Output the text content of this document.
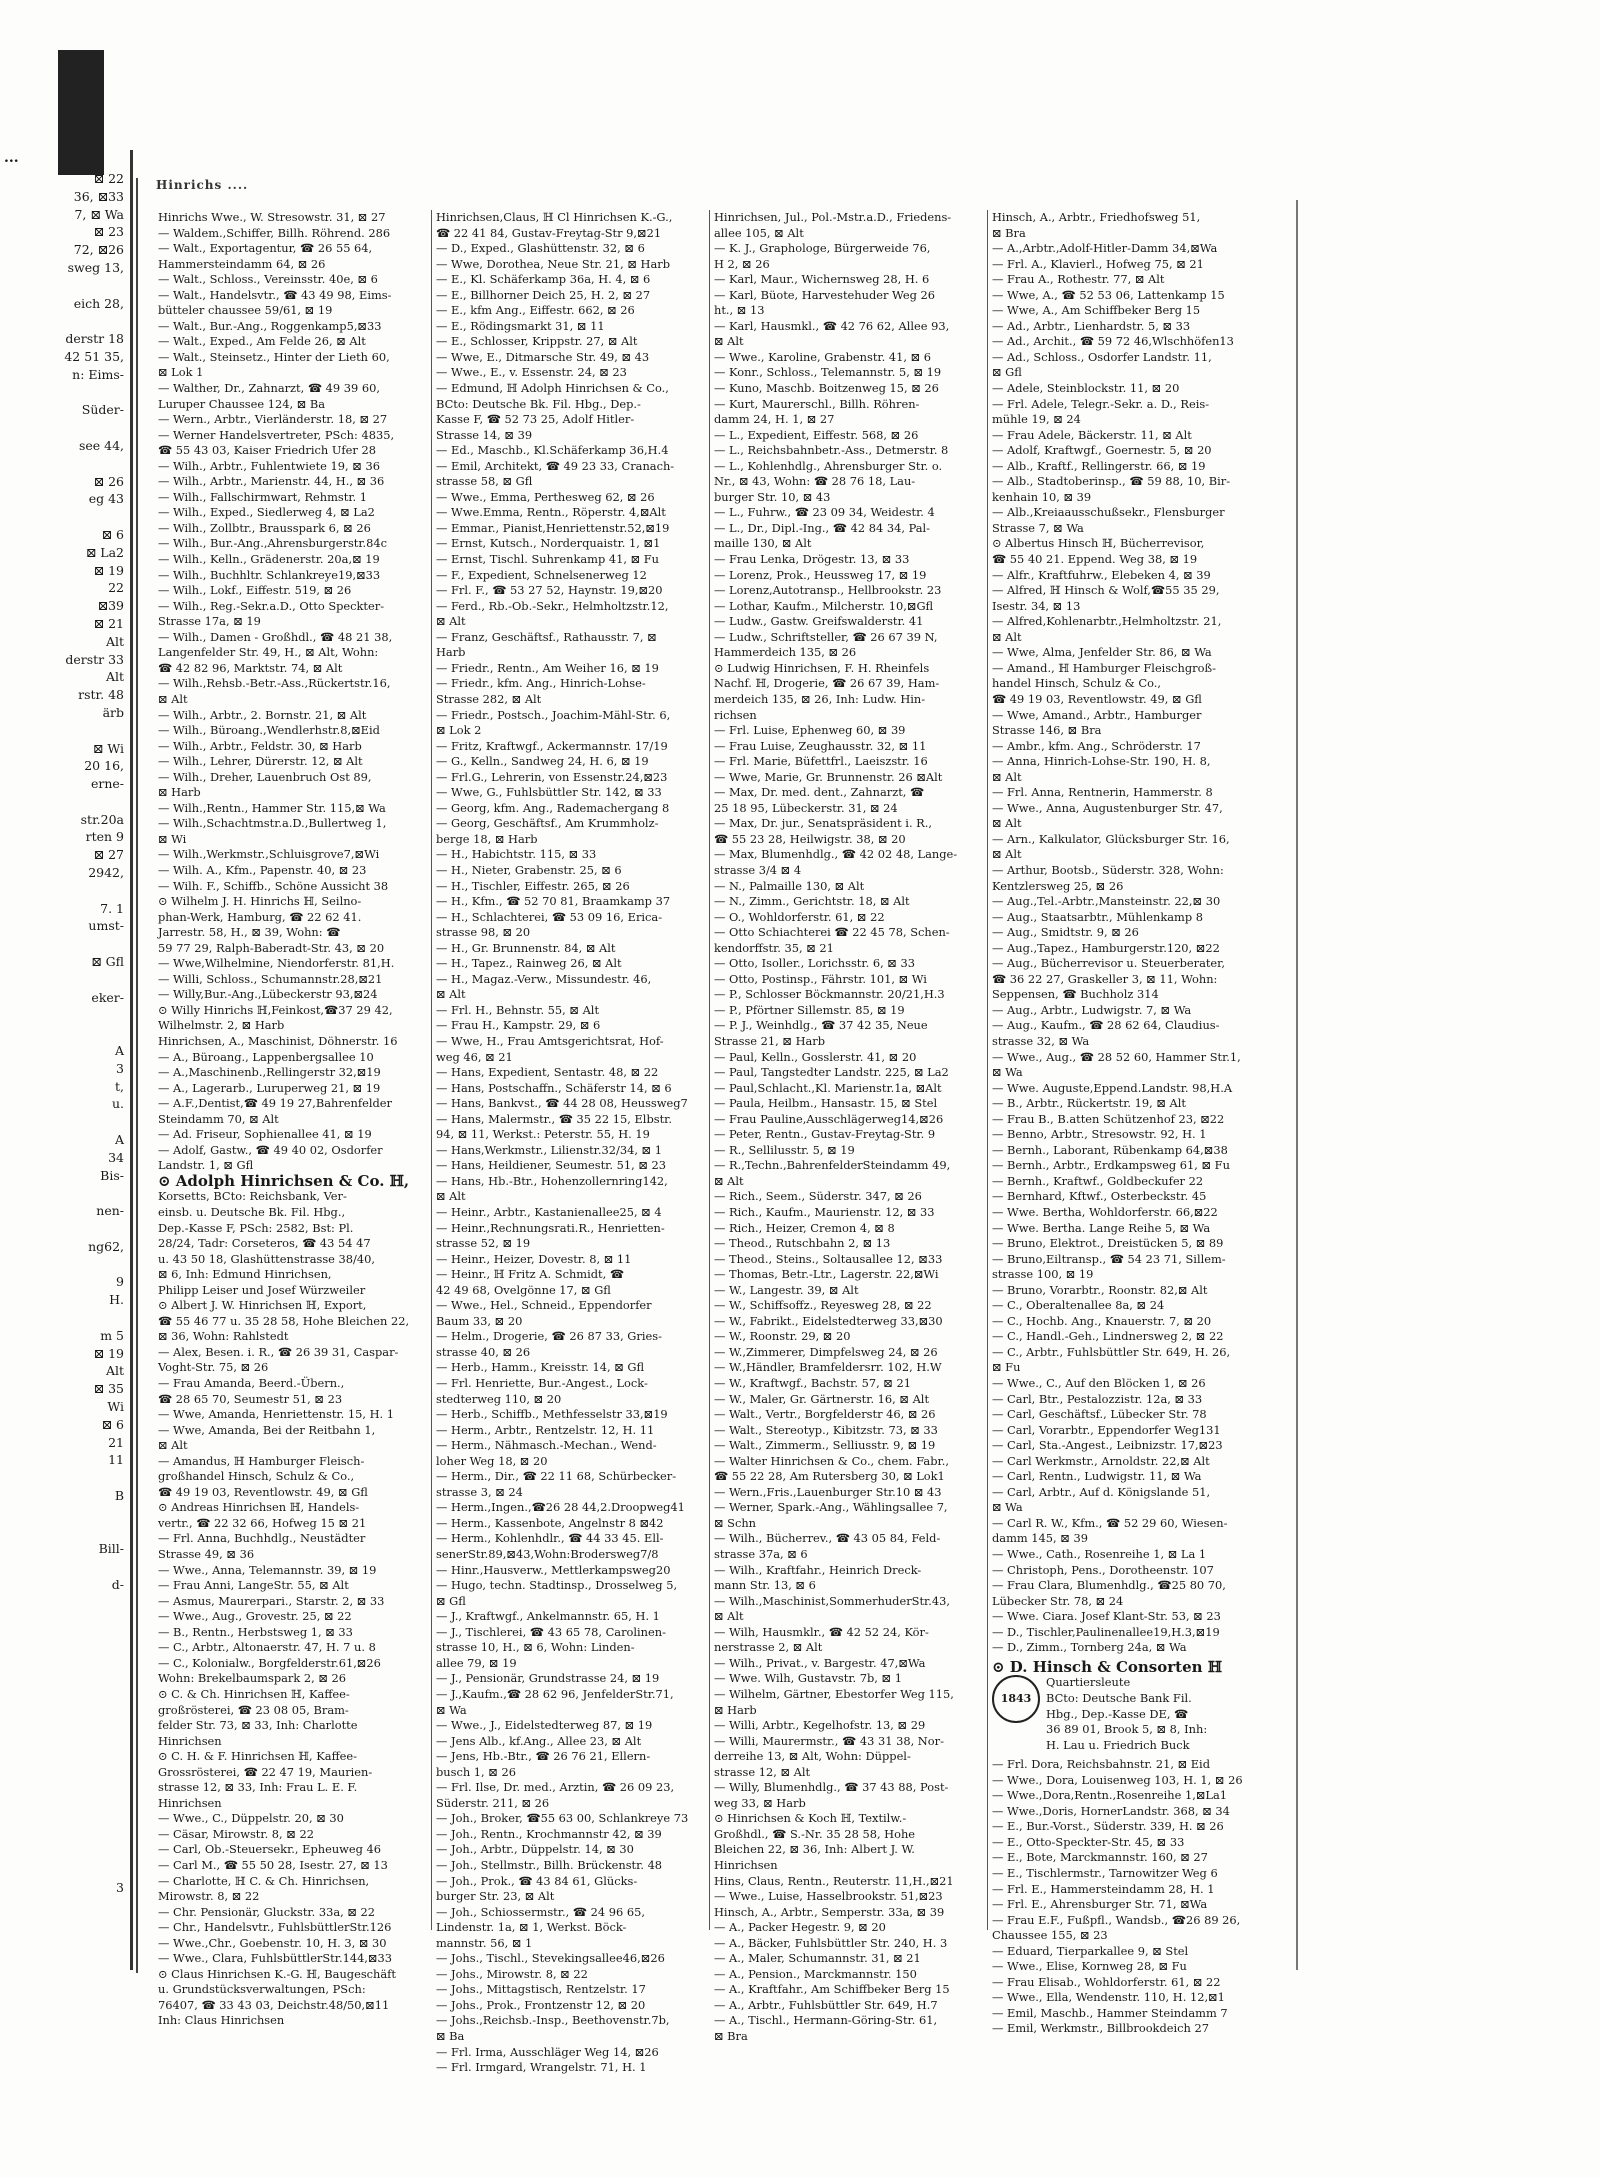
...
⊠ 22
36, ⊠33
7, ⊠ Wa
⊠ 23
72, ⊠26
sweg 13,

eich 28,

derstr 18
42 51 35,
n: Eims-

Süder-

see 44,

⊠ 26
eg 43

⊠ 6
⊠ La2
⊠ 19
22
⊠39
⊠ 21
Alt
derstr 33
Alt
rstr. 48
ärb

⊠ Wi
20 16,
erne-

str.20a
rten 9
⊠ 27
2942,

7. 1
umst-

⊠ Gfl

eker-

A
3
t,
u.

A
34
Bis-

nen-

ng62,

9
H.

m 5
⊠ 19
Alt
⊠ 35
Wi
⊠ 6
21
11

B

Bill-

d-

3
Hinrichs ....
Hinrichs Wwe., W. Stresowstr. 31, ⊠ 27
— Waldem.,Schiffer, Billh. Röhrend. 286
— Walt., Exportagentur, ☎ 26 55 64,
Hammersteindamm 64, ⊠ 26
— Walt., Schloss., Vereinsstr. 40e, ⊠ 6
— Walt., Handelsvtr., ☎ 43 49 98, Eims-
bütteler chaussee 59/61, ⊠ 19
— Walt., Bur.-Ang., Roggenkamp5,⊠33
— Walt., Exped., Am Felde 26, ⊠ Alt
— Walt., Steinsetz., Hinter der Lieth 60,
⊠ Lok 1
— Walther, Dr., Zahnarzt, ☎ 49 39 60,
Luruper Chaussee 124, ⊠ Ba
— Wern., Arbtr., Vierländerstr. 18, ⊠ 27
— Werner Handelsvertreter, PSch: 4835,
☎ 55 43 03, Kaiser Friedrich Ufer 28
— Wilh., Arbtr., Fuhlentwiete 19, ⊠ 36
— Wilh., Arbtr., Marienstr. 44, H., ⊠ 36
— Wilh., Fallschirmwart, Rehmstr. 1
— Wilh., Exped., Siedlerweg 4, ⊠ La2
— Wilh., Zollbtr., Brausspark 6, ⊠ 26
— Wilh., Bur.-Ang.,Ahrensburgerstr.84c
— Wilh., Kelln., Grädenerstr. 20a,⊠ 19
— Wilh., Buchhltr. Schlankreye19,⊠33
— Wilh., Lokf., Eiffestr. 519, ⊠ 26
— Wilh., Reg.-Sekr.a.D., Otto Speckter-
Strasse 17a, ⊠ 19
— Wilh., Damen - Großhdl., ☎ 48 21 38,
Langenfelder Str. 49, H., ⊠ Alt, Wohn:
☎ 42 82 96, Marktstr. 74, ⊠ Alt
— Wilh.,Rehsb.-Betr.-Ass.,Rückertstr.16,
⊠ Alt
— Wilh., Arbtr., 2. Bornstr. 21, ⊠ Alt
— Wilh., Büroang.,Wendlerhstr.8,⊠Eid
— Wilh., Arbtr., Feldstr. 30, ⊠ Harb
— Wilh., Lehrer, Dürerstr. 12, ⊠ Alt
— Wilh., Dreher, Lauenbruch Ost 89,
⊠ Harb
— Wilh.,Rentn., Hammer Str. 115,⊠ Wa
— Wilh.,Schachtmstr.a.D.,Bullertweg 1,
⊠ Wi
— Wilh.,Werkmstr.,Schluisgrove7,⊠Wi
— Wilh. A., Kfm., Papenstr. 40, ⊠ 23
— Wilh. F., Schiffb., Schöne Aussicht 38
⊙ Wilhelm J. H. Hinrichs ℍ, Seilno-
phan-Werk, Hamburg, ☎ 22 62 41.
Jarrestr. 58, H., ⊠ 39, Wohn: ☎
59 77 29, Ralph-Baberadt-Str. 43, ⊠ 20
— Wwe,Wilhelmine, Niendorferstr. 81,H.
— Willi, Schloss., Schumannstr.28,⊠21
— Willy,Bur.-Ang.,Lübeckerstr 93,⊠24
⊙ Willy Hinrichs ℍ,Feinkost,☎37 29 42,
Wilhelmstr. 2, ⊠ Harb
Hinrichsen, A., Maschinist, Döhnerstr. 16
— A., Büroang., Lappenbergsallee 10
— A.,Maschinenb.,Rellingerstr 32,⊠19
— A., Lagerarb., Luruperweg 21, ⊠ 19
— A.F.,Dentist,☎ 49 19 27,Bahrenfelder
Steindamm 70, ⊠ Alt
— Ad. Friseur, Sophienallee 41, ⊠ 19
— Adolf, Gastw., ☎ 49 40 02, Osdorfer
Landstr. 1, ⊠ Gfl
⊙ Adolph Hinrichsen & Co. ℍ,
Korsetts, BCto: Reichsbank, Ver-
einsb. u. Deutsche Bk. Fil. Hbg.,
Dep.-Kasse F, PSch: 2582, Bst: Pl.
28/24, Tadr: Corseteros, ☎ 43 54 47
u. 43 50 18, Glashüttenstrasse 38/40,
⊠ 6, Inh: Edmund Hinrichsen,
Philipp Leiser und Josef Würzweiler
⊙ Albert J. W. Hinrichsen ℍ, Export,
☎ 55 46 77 u. 35 28 58, Hohe Bleichen 22,
⊠ 36, Wohn: Rahlstedt
— Alex, Besen. i. R., ☎ 26 39 31, Caspar-
Voght-Str. 75, ⊠ 26
— Frau Amanda, Beerd.-Übern.,
☎ 28 65 70, Seumestr 51, ⊠ 23
— Wwe, Amanda, Henriettenstr. 15, H. 1
— Wwe, Amanda, Bei der Reitbahn 1,
⊠ Alt
— Amandus, ℍ Hamburger Fleisch-
großhandel Hinsch, Schulz & Co.,
☎ 49 19 03, Reventlowstr. 49, ⊠ Gfl
⊙ Andreas Hinrichsen ℍ, Handels-
vertr., ☎ 22 32 66, Hofweg 15 ⊠ 21
— Frl. Anna, Buchhdlg., Neustädter
Strasse 49, ⊠ 36
— Wwe., Anna, Telemannstr. 39, ⊠ 19
— Frau Anni, LangeStr. 55, ⊠ Alt
— Asmus, Maurerpari., Starstr. 2, ⊠ 33
— Wwe., Aug., Grovestr. 25, ⊠ 22
— B., Rentn., Herbstsweg 1, ⊠ 33
— C., Arbtr., Altonaerstr. 47, H. 7 u. 8
— C., Kolonialw., Borgfelderstr.61,⊠26
Wohn: Brekelbaumspark 2, ⊠ 26
⊙ C. & Ch. Hinrichsen ℍ, Kaffee-
großrösterei, ☎ 23 08 05, Bram-
felder Str. 73, ⊠ 33, Inh: Charlotte
Hinrichsen
⊙ C. H. & F. Hinrichsen ℍ, Kaffee-
Grossrösterei, ☎ 22 47 19, Maurien-
strasse 12, ⊠ 33, Inh: Frau L. E. F.
Hinrichsen
— Wwe., C., Düppelstr. 20, ⊠ 30
— Cäsar, Mirowstr. 8, ⊠ 22
— Carl, Ob.-Steuersekr., Epheuweg 46
— Carl M., ☎ 55 50 28, Isestr. 27, ⊠ 13
— Charlotte, ℍ C. & Ch. Hinrichsen,
Mirowstr. 8, ⊠ 22
— Chr. Pensionär, Gluckstr. 33a, ⊠ 22
— Chr., Handelsvtr., FuhlsbüttlerStr.126
— Wwe.,Chr., Goebenstr. 10, H. 3, ⊠ 30
— Wwe., Clara, FuhlsbüttlerStr.144,⊠33
⊙ Claus Hinrichsen K.-G. ℍ, Baugeschäft
u. Grundstücksverwaltungen, PSch:
76407, ☎ 33 43 03, Deichstr.48/50,⊠11
Inh: Claus Hinrichsen
Hinrichsen,Claus, ℍ Cl Hinrichsen K.-G.,
☎ 22 41 84, Gustav-Freytag-Str 9,⊠21
— D., Exped., Glashüttenstr. 32, ⊠ 6
— Wwe, Dorothea, Neue Str. 21, ⊠ Harb
— E., Kl. Schäferkamp 36a, H. 4, ⊠ 6
— E., Billhorner Deich 25, H. 2, ⊠ 27
— E., kfm Ang., Eiffestr. 662, ⊠ 26
— E., Rödingsmarkt 31, ⊠ 11
— E., Schlosser, Krippstr. 27, ⊠ Alt
— Wwe, E., Ditmarsche Str. 49, ⊠ 43
— Wwe., E., v. Essenstr. 24, ⊠ 23
— Edmund, ℍ Adolph Hinrichsen & Co.,
BCto: Deutsche Bk. Fil. Hbg., Dep.-
Kasse F, ☎ 52 73 25, Adolf Hitler-
Strasse 14, ⊠ 39
— Ed., Maschb., Kl.Schäferkamp 36,H.4
— Emil, Architekt, ☎ 49 23 33, Cranach-
strasse 58, ⊠ Gfl
— Wwe., Emma, Perthesweg 62, ⊠ 26
— Wwe.Emma, Rentn., Röperstr. 4,⊠Alt
— Emmar., Pianist,Henriettenstr.52,⊠19
— Ernst, Kutsch., Norderquaistr. 1, ⊠1
— Ernst, Tischl. Suhrenkamp 41, ⊠ Fu
— F., Expedient, Schnelsenerweg 12
— Frl. F., ☎ 53 27 52, Haynstr. 19,⊠20
— Ferd., Rb.-Ob.-Sekr., Helmholtzstr.12,
⊠ Alt
— Franz, Geschäftsf., Rathausstr. 7, ⊠
Harb
— Friedr., Rentn., Am Weiher 16, ⊠ 19
— Friedr., kfm. Ang., Hinrich-Lohse-
Strasse 282, ⊠ Alt
— Friedr., Postsch., Joachim-Mähl-Str. 6,
⊠ Lok 2
— Fritz, Kraftwgf., Ackermannstr. 17/19
— G., Kelln., Sandweg 24, H. 6, ⊠ 19
— Frl.G., Lehrerin, von Essenstr.24,⊠23
— Wwe, G., Fuhlsbüttler Str. 142, ⊠ 33
— Georg, kfm. Ang., Rademachergang 8
— Georg, Geschäftsf., Am Krummholz-
berge 18, ⊠ Harb
— H., Habichtstr. 115, ⊠ 33
— H., Nieter, Grabenstr. 25, ⊠ 6
— H., Tischler, Eiffestr. 265, ⊠ 26
— H., Kfm., ☎ 52 70 81, Braamkamp 37
— H., Schlachterei, ☎ 53 09 16, Erica-
strasse 98, ⊠ 20
— H., Gr. Brunnenstr. 84, ⊠ Alt
— H., Tapez., Rainweg 26, ⊠ Alt
— H., Magaz.-Verw., Missundestr. 46,
⊠ Alt
— Frl. H., Behnstr. 55, ⊠ Alt
— Frau H., Kampstr. 29, ⊠ 6
— Wwe, H., Frau Amtsgerichtsrat, Hof-
weg 46, ⊠ 21
— Hans, Expedient, Sentastr. 48, ⊠ 22
— Hans, Postschaffn., Schäferstr 14, ⊠ 6
— Hans, Bankvst., ☎ 44 28 08, Heussweg7
— Hans, Malermstr., ☎ 35 22 15, Elbstr.
94, ⊠ 11, Werkst.: Peterstr. 55, H. 19
— Hans,Werkmstr., Lilienstr.32/34, ⊠ 1
— Hans, Heildiener, Seumestr. 51, ⊠ 23
— Hans, Hb.-Btr., Hohenzollernring142,
⊠ Alt
— Heinr., Arbtr., Kastanienallee25, ⊠ 4
— Heinr.,Rechnungsrati.R., Henrietten-
strasse 52, ⊠ 19
— Heinr., Heizer, Dovestr. 8, ⊠ 11
— Heinr., ℍ Fritz A. Schmidt, ☎
42 49 68, Ovelgönne 17, ⊠ Gfl
— Wwe., Hel., Schneid., Eppendorfer
Baum 33, ⊠ 20
— Helm., Drogerie, ☎ 26 87 33, Gries-
strasse 40, ⊠ 26
— Herb., Hamm., Kreisstr. 14, ⊠ Gfl
— Frl. Henriette, Bur.-Angest., Lock-
stedterweg 110, ⊠ 20
— Herb., Schiffb., Methfesselstr 33,⊠19
— Herm., Arbtr., Rentzelstr. 12, H. 11
— Herm., Nähmasch.-Mechan., Wend-
loher Weg 18, ⊠ 20
— Herm., Dir., ☎ 22 11 68, Schürbecker-
strasse 3, ⊠ 24
— Herm.,Ingen.,☎26 28 44,2.Droopweg41
— Herm., Kassenbote, Angelnstr 8 ⊠42
— Herm., Kohlenhdlr., ☎ 44 33 45. Ell-
senerStr.89,⊠43,Wohn:Brodersweg7/8
— Hinr.,Hausverw., Mettlerkampsweg20
— Hugo, techn. Stadtinsp., Drosselweg 5,
⊠ Gfl
— J., Kraftwgf., Ankelmannstr. 65, H. 1
— J., Tischlerei, ☎ 43 65 78, Carolinen-
strasse 10, H., ⊠ 6, Wohn: Linden-
allee 79, ⊠ 19
— J., Pensionär, Grundstrasse 24, ⊠ 19
— J.,Kaufm.,☎ 28 62 96, JenfelderStr.71,
⊠ Wa
— Wwe., J., Eidelstedterweg 87, ⊠ 19
— Jens Alb., kf.Ang., Allee 23, ⊠ Alt
— Jens, Hb.-Btr., ☎ 26 76 21, Ellern-
busch 1, ⊠ 26
— Frl. Ilse, Dr. med., Arztin, ☎ 26 09 23,
Süderstr. 211, ⊠ 26
— Joh., Broker, ☎55 63 00, Schlankreye 73
— Joh., Rentn., Krochmannstr 42, ⊠ 39
— Joh., Arbtr., Düppelstr. 14, ⊠ 30
— Joh., Stellmstr., Billh. Brückenstr. 48
— Joh., Prok., ☎ 43 84 61, Glücks-
burger Str. 23, ⊠ Alt
— Joh., Schiossermstr., ☎ 24 96 65,
Lindenstr. 1a, ⊠ 1, Werkst. Böck-
mannstr. 56, ⊠ 1
— Johs., Tischl., Stevekingsallee46,⊠26
— Johs., Mirowstr. 8, ⊠ 22
— Johs., Mittagstisch, Rentzelstr. 17
— Johs., Prok., Frontzenstr 12, ⊠ 20
— Johs.,Reichsb.-Insp., Beethovenstr.7b,
⊠ Ba
— Frl. Irma, Ausschläger Weg 14, ⊠26
— Frl. Irmgard, Wrangelstr. 71, H. 1
Hinrichsen, Jul., Pol.-Mstr.a.D., Friedens-
allee 105, ⊠ Alt
— K. J., Graphologe, Bürgerweide 76,
H 2, ⊠ 26
— Karl, Maur., Wichernsweg 28, H. 6
— Karl, Büote, Harvestehuder Weg 26
ht., ⊠ 13
— Karl, Hausmkl., ☎ 42 76 62, Allee 93,
⊠ Alt
— Wwe., Karoline, Grabenstr. 41, ⊠ 6
— Konr., Schloss., Telemannstr. 5, ⊠ 19
— Kuno, Maschb. Boitzenweg 15, ⊠ 26
— Kurt, Maurerschl., Billh. Röhren-
damm 24, H. 1, ⊠ 27
— L., Expedient, Eiffestr. 568, ⊠ 26
— L., Reichsbahnbetr.-Ass., Detmerstr. 8
— L., Kohlenhdlg., Ahrensburger Str. o.
Nr., ⊠ 43, Wohn: ☎ 28 76 18, Lau-
burger Str. 10, ⊠ 43
— L., Fuhrw., ☎ 23 09 34, Weidestr. 4
— L., Dr., Dipl.-Ing., ☎ 42 84 34, Pal-
maille 130, ⊠ Alt
— Frau Lenka, Drögestr. 13, ⊠ 33
— Lorenz, Prok., Heussweg 17, ⊠ 19
— Lorenz,Autotransp., Hellbrookstr. 23
— Lothar, Kaufm., Milcherstr. 10,⊠Gfl
— Ludw., Gastw. Greifswalderstr. 41
— Ludw., Schriftsteller, ☎ 26 67 39 N,
Hammerdeich 135, ⊠ 26
⊙ Ludwig Hinrichsen, F. H. Rheinfels
Nachf. ℍ, Drogerie, ☎ 26 67 39, Ham-
merdeich 135, ⊠ 26, Inh: Ludw. Hin-
richsen
— Frl. Luise, Ephenweg 60, ⊠ 39
— Frau Luise, Zeughausstr. 32, ⊠ 11
— Frl. Marie, Büfettfrl., Laeiszstr. 16
— Wwe, Marie, Gr. Brunnenstr. 26 ⊠Alt
— Max, Dr. med. dent., Zahnarzt, ☎
25 18 95, Lübeckerstr. 31, ⊠ 24
— Max, Dr. jur., Senatspräsident i. R.,
☎ 55 23 28, Heilwigstr. 38, ⊠ 20
— Max, Blumenhdlg., ☎ 42 02 48, Lange-
strasse 3/4 ⊠ 4
— N., Palmaille 130, ⊠ Alt
— N., Zimm., Gerichtstr. 18, ⊠ Alt
— O., Wohldorferstr. 61, ⊠ 22
— Otto Schiachterei ☎ 22 45 78, Schen-
kendorffstr. 35, ⊠ 21
— Otto, Isoller., Lorichsstr. 6, ⊠ 33
— Otto, Postinsp., Fährstr. 101, ⊠ Wi
— P., Schlosser Böckmannstr. 20/21,H.3
— P., Pförtner Sillemstr. 85, ⊠ 19
— P. J., Weinhdlg., ☎ 37 42 35, Neue
Strasse 21, ⊠ Harb
— Paul, Kelln., Gosslerstr. 41, ⊠ 20
— Paul, Tangstedter Landstr. 225, ⊠ La2
— Paul,Schlacht.,Kl. Marienstr.1a, ⊠Alt
— Paula, Heilbm., Hansastr. 15, ⊠ Stel
— Frau Pauline,Ausschlägerweg14,⊠26
— Peter, Rentn., Gustav-Freytag-Str. 9
— R., Sellilusstr. 5, ⊠ 19
— R.,Techn.,BahrenfelderSteindamm 49,
⊠ Alt
— Rich., Seem., Süderstr. 347, ⊠ 26
— Rich., Kaufm., Maurienstr. 12, ⊠ 33
— Rich., Heizer, Cremon 4, ⊠ 8
— Theod., Rutschbahn 2, ⊠ 13
— Theod., Steins., Soltausallee 12, ⊠33
— Thomas, Betr.-Ltr., Lagerstr. 22,⊠Wi
— W., Langestr. 39, ⊠ Alt
— W., Schiffsoffz., Reyesweg 28, ⊠ 22
— W., Fabrikt., Eidelstedterweg 33,⊠30
— W., Roonstr. 29, ⊠ 20
— W.,Zimmerer, Dimpfelsweg 24, ⊠ 26
— W.,Händler, Bramfeldersrr. 102, H.W
— W., Kraftwgf., Bachstr. 57, ⊠ 21
— W., Maler, Gr. Gärtnerstr. 16, ⊠ Alt
— Walt., Vertr., Borgfelderstr 46, ⊠ 26
— Walt., Stereotyp., Kibitzstr. 73, ⊠ 33
— Walt., Zimmerm., Selliusstr. 9, ⊠ 19
— Walter Hinrichsen & Co., chem. Fabr.,
☎ 55 22 28, Am Rutersberg 30, ⊠ Lok1
— Wern.,Fris.,Lauenburger Str.10 ⊠ 43
— Werner, Spark.-Ang., Wählingsallee 7,
⊠ Schn
— Wilh., Bücherrev., ☎ 43 05 84, Feld-
strasse 37a, ⊠ 6
— Wilh., Kraftfahr., Heinrich Dreck-
mann Str. 13, ⊠ 6
— Wilh.,Maschinist,SommerhuderStr.43,
⊠ Alt
— Wilh, Hausmklr., ☎ 42 52 24, Kör-
nerstrasse 2, ⊠ Alt
— Wilh., Privat., v. Bargestr. 47,⊠Wa
— Wwe. Wilh, Gustavstr. 7b, ⊠ 1
— Wilhelm, Gärtner, Ebestorfer Weg 115,
⊠ Harb
— Willi, Arbtr., Kegelhofstr. 13, ⊠ 29
— Willi, Maurermstr., ☎ 43 31 38, Nor-
derreihe 13, ⊠ Alt, Wohn: Düppel-
strasse 12, ⊠ Alt
— Willy, Blumenhdlg., ☎ 37 43 88, Post-
weg 33, ⊠ Harb
⊙ Hinrichsen & Koch ℍ, Textilw.-
Großhdl., ☎ S.-Nr. 35 28 58, Hohe
Bleichen 22, ⊠ 36, Inh: Albert J. W.
Hinrichsen
Hins, Claus, Rentn., Reuterstr. 11,H.,⊠21
— Wwe., Luise, Hasselbrookstr. 51,⊠23
Hinsch, A., Arbtr., Semperstr. 33a, ⊠ 39
— A., Packer Hegestr. 9, ⊠ 20
— A., Bäcker, Fuhlsbüttler Str. 240, H. 3
— A., Maler, Schumannstr. 31, ⊠ 21
— A., Pension., Marckmannstr. 150
— A., Kraftfahr., Am Schiffbeker Berg 15
— A., Arbtr., Fuhlsbüttler Str. 649, H.7
— A., Tischl., Hermann-Göring-Str. 61,
⊠ Bra
Hinsch, A., Arbtr., Friedhofsweg 51,
⊠ Bra
— A.,Arbtr.,Adolf-Hitler-Damm 34,⊠Wa
— Frl. A., Klavierl., Hofweg 75, ⊠ 21
— Frau A., Rothestr. 77, ⊠ Alt
— Wwe, A., ☎ 52 53 06, Lattenkamp 15
— Wwe, A., Am Schiffbeker Berg 15
— Ad., Arbtr., Lienhardstr. 5, ⊠ 33
— Ad., Archit., ☎ 59 72 46,Wlschhöfen13
— Ad., Schloss., Osdorfer Landstr. 11,
⊠ Gfl
— Adele, Steinblockstr. 11, ⊠ 20
— Frl. Adele, Telegr.-Sekr. a. D., Reis-
mühle 19, ⊠ 24
— Frau Adele, Bäckerstr. 11, ⊠ Alt
— Adolf, Kraftwgf., Goernestr. 5, ⊠ 20
— Alb., Kraftf., Rellingerstr. 66, ⊠ 19
— Alb., Stadtoberinsp., ☎ 59 88, 10, Bir-
kenhain 10, ⊠ 39
— Alb.,Kreiaausschußsekr., Flensburger
Strasse 7, ⊠ Wa
⊙ Albertus Hinsch ℍ, Bücherrevisor,
☎ 55 40 21. Eppend. Weg 38, ⊠ 19
— Alfr., Kraftfuhrw., Elebeken 4, ⊠ 39
— Alfred, ℍ Hinsch & Wolf,☎55 35 29,
Isestr. 34, ⊠ 13
— Alfred,Kohlenarbtr.,Helmholtzstr. 21,
⊠ Alt
— Wwe, Alma, Jenfelder Str. 86, ⊠ Wa
— Amand., ℍ Hamburger Fleischgroß-
handel Hinsch, Schulz & Co.,
☎ 49 19 03, Reventlowstr. 49, ⊠ Gfl
— Wwe, Amand., Arbtr., Hamburger
Strasse 146, ⊠ Bra
— Ambr., kfm. Ang., Schröderstr. 17
— Anna, Hinrich-Lohse-Str. 190, H. 8,
⊠ Alt
— Frl. Anna, Rentnerin, Hammerstr. 8
— Wwe., Anna, Augustenburger Str. 47,
⊠ Alt
— Arn., Kalkulator, Glücksburger Str. 16,
⊠ Alt
— Arthur, Bootsb., Süderstr. 328, Wohn:
Kentzlersweg 25, ⊠ 26
— Aug.,Tel.-Arbtr.,Mansteinstr. 22,⊠ 30
— Aug., Staatsarbtr., Mühlenkamp 8
— Aug., Smidtstr. 9, ⊠ 26
— Aug.,Tapez., Hamburgerstr.120, ⊠22
— Aug., Bücherrevisor u. Steuerberater,
☎ 36 22 27, Graskeller 3, ⊠ 11, Wohn:
Seppensen, ☎ Buchholz 314
— Aug., Arbtr., Ludwigstr. 7, ⊠ Wa
— Aug., Kaufm., ☎ 28 62 64, Claudius-
strasse 32, ⊠ Wa
— Wwe., Aug., ☎ 28 52 60, Hammer Str.1,
⊠ Wa
— Wwe. Auguste,Eppend.Landstr. 98,H.A
— B., Arbtr., Rückertstr. 19, ⊠ Alt
— Frau B., B.atten Schützenhof 23, ⊠22
— Benno, Arbtr., Stresowstr. 92, H. 1
— Bernh., Laborant, Rübenkamp 64,⊠38
— Bernh., Arbtr., Erdkampsweg 61, ⊠ Fu
— Bernh., Kraftwf., Goldbeckufer 22
— Bernhard, Kftwf., Osterbeckstr. 45
— Wwe. Bertha, Wohldorferstr. 66,⊠22
— Wwe. Bertha. Lange Reihe 5, ⊠ Wa
— Bruno, Elektrot., Dreistücken 5, ⊠ 89
— Bruno,Eiltransp., ☎ 54 23 71, Sillem-
strasse 100, ⊠ 19
— Bruno, Vorarbtr., Roonstr. 82,⊠ Alt
— C., Oberaltenallee 8a, ⊠ 24
— C., Hochb. Ang., Knauerstr. 7, ⊠ 20
— C., Handl.-Geh., Lindnersweg 2, ⊠ 22
— C., Arbtr., Fuhlsbüttler Str. 649, H. 26,
⊠ Fu
— Wwe., C., Auf den Blöcken 1, ⊠ 26
— Carl, Btr., Pestalozzistr. 12a, ⊠ 33
— Carl, Geschäftsf., Lübecker Str. 78
— Carl, Vorarbtr., Eppendorfer Weg131
— Carl, Sta.-Angest., Leibnizstr. 17,⊠23
— Carl Werkmstr., Arnoldstr. 22,⊠ Alt
— Carl, Rentn., Ludwigstr. 11, ⊠ Wa
— Carl, Arbtr., Auf d. Königslande 51,
⊠ Wa
— Carl R. W., Kfm., ☎ 52 29 60, Wiesen-
damm 145, ⊠ 39
— Wwe., Cath., Rosenreihe 1, ⊠ La 1
— Christoph, Pens., Dorotheenstr. 107
— Frau Clara, Blumenhdlg., ☎25 80 70,
Lübecker Str. 78, ⊠ 24
— Wwe. Ciara. Josef Klant-Str. 53, ⊠ 23
— D., Tischler,Paulinenallee19,H.3,⊠19
— D., Zimm., Tornberg 24a, ⊠ Wa
⊙ D. Hinsch & Consorten ℍ
1843
Quartiersleute
BCto: Deutsche Bank Fil.
Hbg., Dep.-Kasse DE, ☎
36 89 01, Brook 5, ⊠ 8, Inh:
H. Lau u. Friedrich Buck
— Frl. Dora, Reichsbahnstr. 21, ⊠ Eid
— Wwe., Dora, Louisenweg 103, H. 1, ⊠ 26
— Wwe.,Dora,Rentn.,Rosenreihe 1,⊠La1
— Wwe.,Doris, HornerLandstr. 368, ⊠ 34
— E., Bur.-Vorst., Süderstr. 339, H. ⊠ 26
— E., Otto-Speckter-Str. 45, ⊠ 33
— E., Bote, Marckmannstr. 160, ⊠ 27
— E., Tischlermstr., Tarnowitzer Weg 6
— Frl. E., Hammersteindamm 28, H. 1
— Frl. E., Ahrensburger Str. 71, ⊠Wa
— Frau E.F., Fußpfl., Wandsb., ☎26 89 26,
Chaussee 155, ⊠ 23
— Eduard, Tierparkallee 9, ⊠ Stel
— Wwe., Elise, Kornweg 28, ⊠ Fu
— Frau Elisab., Wohldorferstr. 61, ⊠ 22
— Wwe., Ella, Wendenstr. 110, H. 12,⊠1
— Emil, Maschb., Hammer Steindamm 7
— Emil, Werkmstr., Billbrookdeich 27
